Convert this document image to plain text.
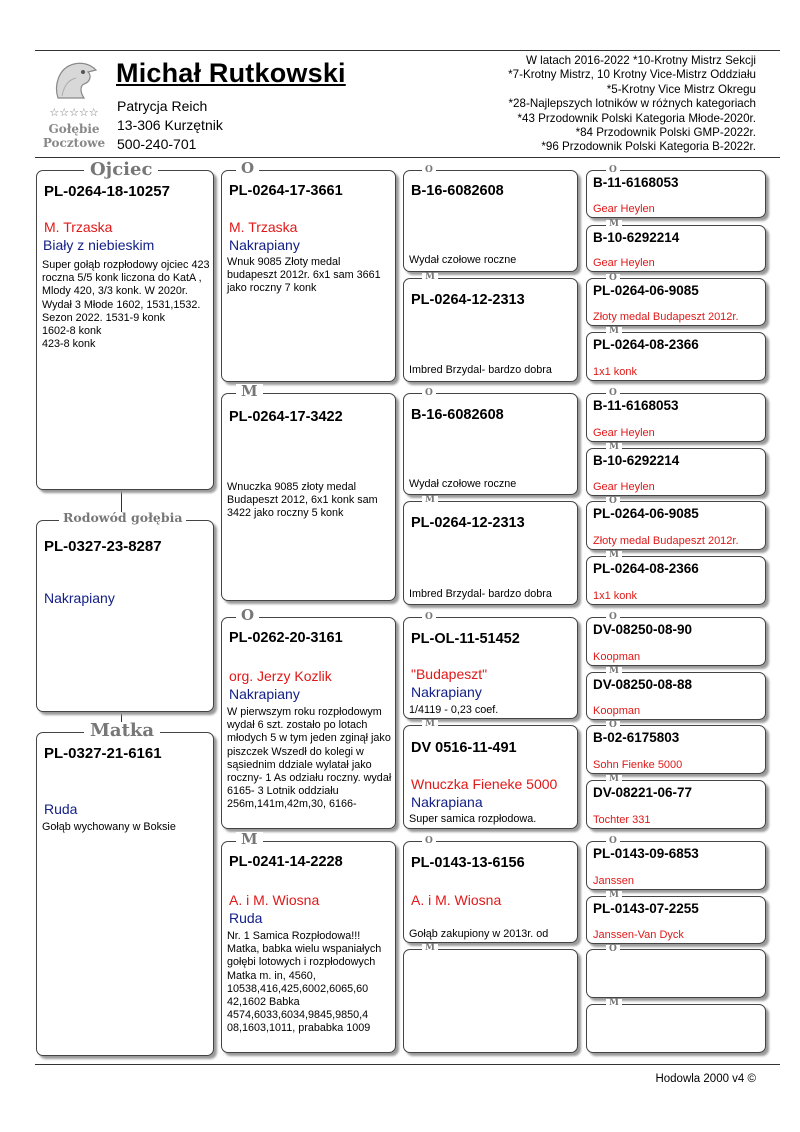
☆☆☆☆☆
Gołębie
Pocztowe
Michał Rutkowski
Patrycja Reich
13-306 Kurzętnik
500-240-701
W latach 2016-2022 *10-Krotny Mistrz Sekcji
*7-Krotny Mistrz, 10 Krotny Vice-Mistrz Oddziału
*5-Krotny Vice Mistrz Okregu
*28-Najlepszych lotników w różnych kategoriach
*43 Przodownik Polski Kategoria Młode-2020r.
*84 Przodownik Polski GMP-2022r.
*96 Przodownik Polski Kategoria B-2022r.
PL-0264-18-10257
M. Trzaska
Biały z niebieskim
Super gołąb rozpłodowy ojciec 423 roczna 5/5 konk liczona do KatA , Mlody 420, 3/3 konk. W 2020r. Wydał 3 Młode 1602, 1531,1532.
Sezon 2022. 1531-9 konk
1602-8 konk
423-8 konk
PL-0327-23-8287
Nakrapiany
PL-0327-21-6161
Ruda
Gołąb wychowany w Boksie
Ojciec
Rodowód gołębia
Matka
PL-0264-17-3661
M. Trzaska
Nakrapiany
Wnuk 9085 Złoty medal budapeszt 2012r. 6x1 sam 3661 jako roczny 7 konk
O
PL-0264-17-3422
Wnuczka 9085 złoty medal Budapeszt 2012, 6x1 konk sam 3422 jako roczny 5 konk
M
PL-0262-20-3161
org. Jerzy Kozlik
Nakrapiany
W pierwszym roku rozpłodowym wydał 6 szt. zostało po lotach młodych 5 w tym jeden zginął jako piszczek Wszedł do kolegi w sąsiednim ddziale wylatał jako roczny- 1 As odziału roczny. wydał 6165- 3 Lotnik oddziału 256m,141m,42m,30, 6166-
O
PL-0241-14-2228
A. i M. Wiosna
Ruda
Nr. 1 Samica Rozpłodowa!!! Matka, babka wielu wspaniałych gołębi lotowych i rozpłodowych Matka m. in, 4560, 10538,416,425,6002,6065,60 42,1602 Babka 4574,6033,6034,9845,9850,4 08,1603,1011, prababka 1009
M
B-16-6082608
Wydał czołowe roczne
O
PL-0264-12-2313
Imbred Brzydal- bardzo dobra
M
B-16-6082608
Wydał czołowe roczne
O
PL-0264-12-2313
Imbred Brzydal- bardzo dobra
M
PL-OL-11-51452
"Budapeszt"
Nakrapiany
1/4119 - 0,23 coef.
O
DV 0516-11-491
Wnuczka Fieneke 5000
Nakrapiana
Super samica rozpłodowa.
M
PL-0143-13-6156
A. i M. Wiosna
Gołąb zakupiony w 2013r. od
O
M
B-11-6168053
Gear Heylen
O
B-10-6292214
Gear Heylen
M
PL-0264-06-9085
Złoty medal Budapeszt 2012r.
O
PL-0264-08-2366
1x1 konk
M
B-11-6168053
Gear Heylen
O
B-10-6292214
Gear Heylen
M
PL-0264-06-9085
Złoty medal Budapeszt 2012r.
O
PL-0264-08-2366
1x1 konk
M
DV-08250-08-90
Koopman
O
DV-08250-08-88
Koopman
M
B-02-6175803
Sohn Fienke 5000
O
DV-08221-06-77
Tochter 331
M
PL-0143-09-6853
Janssen
O
PL-0143-07-2255
Janssen-Van Dyck
M
O
M
Hodowla 2000 v4 ©
